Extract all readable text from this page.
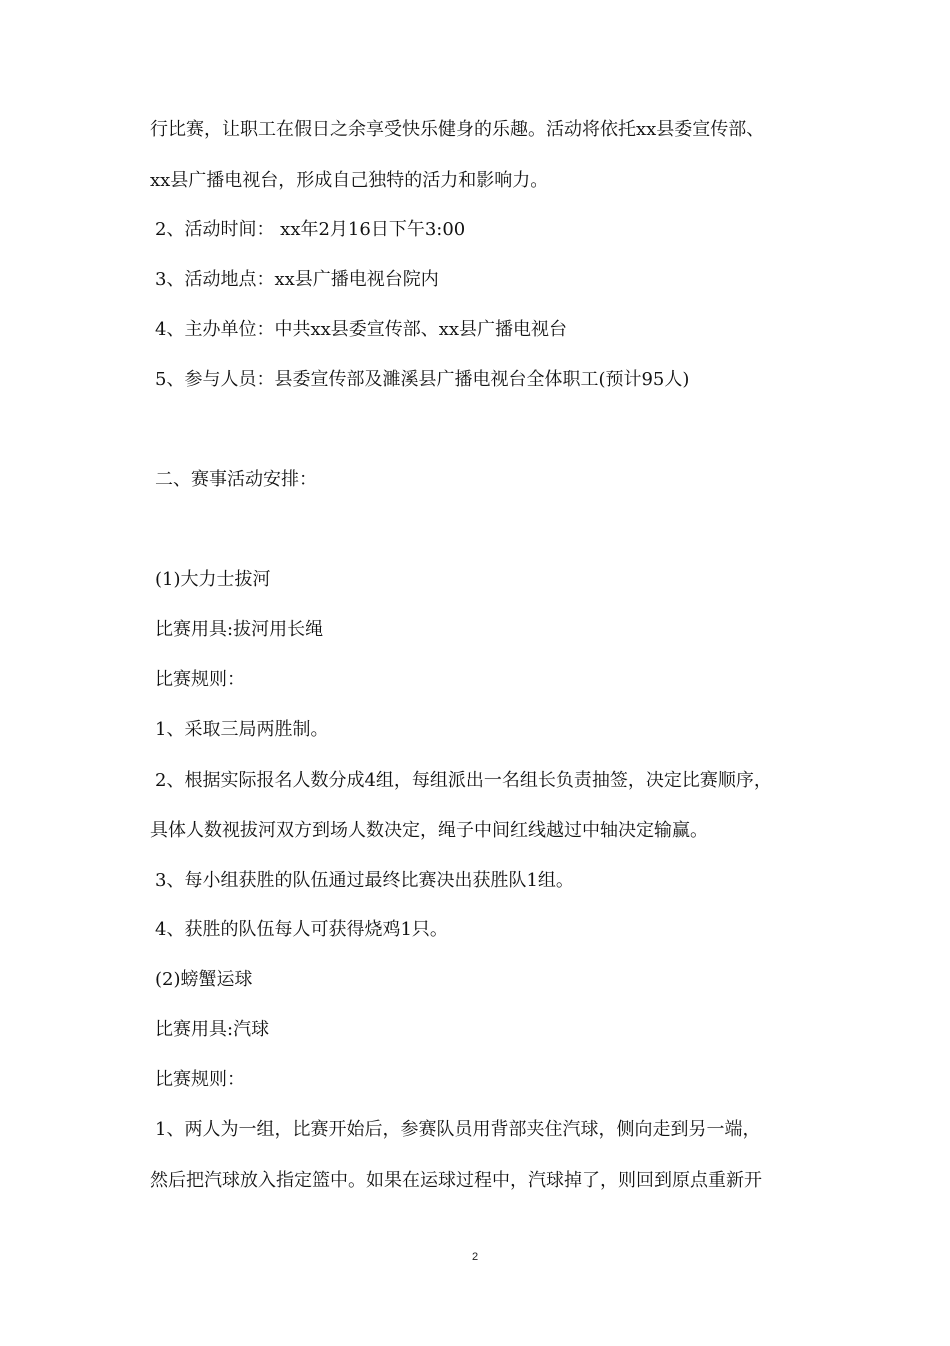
行比赛，让职工在假日之余享受快乐健身的乐趣。活动将依托xx县委宣传部、
xx县广播电视台，形成自己独特的活力和影响力。
2、活动时间： xx年2月16日下午3:00
3、活动地点：xx县广播电视台院内
4、主办单位：中共xx县委宣传部、xx县广播电视台
5、参与人员：县委宣传部及濉溪县广播电视台全体职工(预计95人)
二、赛事活动安排：
(1)大力士拔河
比赛用具:拔河用长绳
比赛规则：
1、采取三局两胜制。
2、根据实际报名人数分成4组，每组派出一名组长负责抽签，决定比赛顺序，
具体人数视拔河双方到场人数决定，绳子中间红线越过中轴决定输赢。
3、每小组获胜的队伍通过最终比赛决出获胜队1组。
4、获胜的队伍每人可获得烧鸡1只。
(2)螃蟹运球
比赛用具:汽球
比赛规则：
1、两人为一组，比赛开始后，参赛队员用背部夹住汽球，侧向走到另一端，
然后把汽球放入指定篮中。如果在运球过程中，汽球掉了，则回到原点重新开
2
